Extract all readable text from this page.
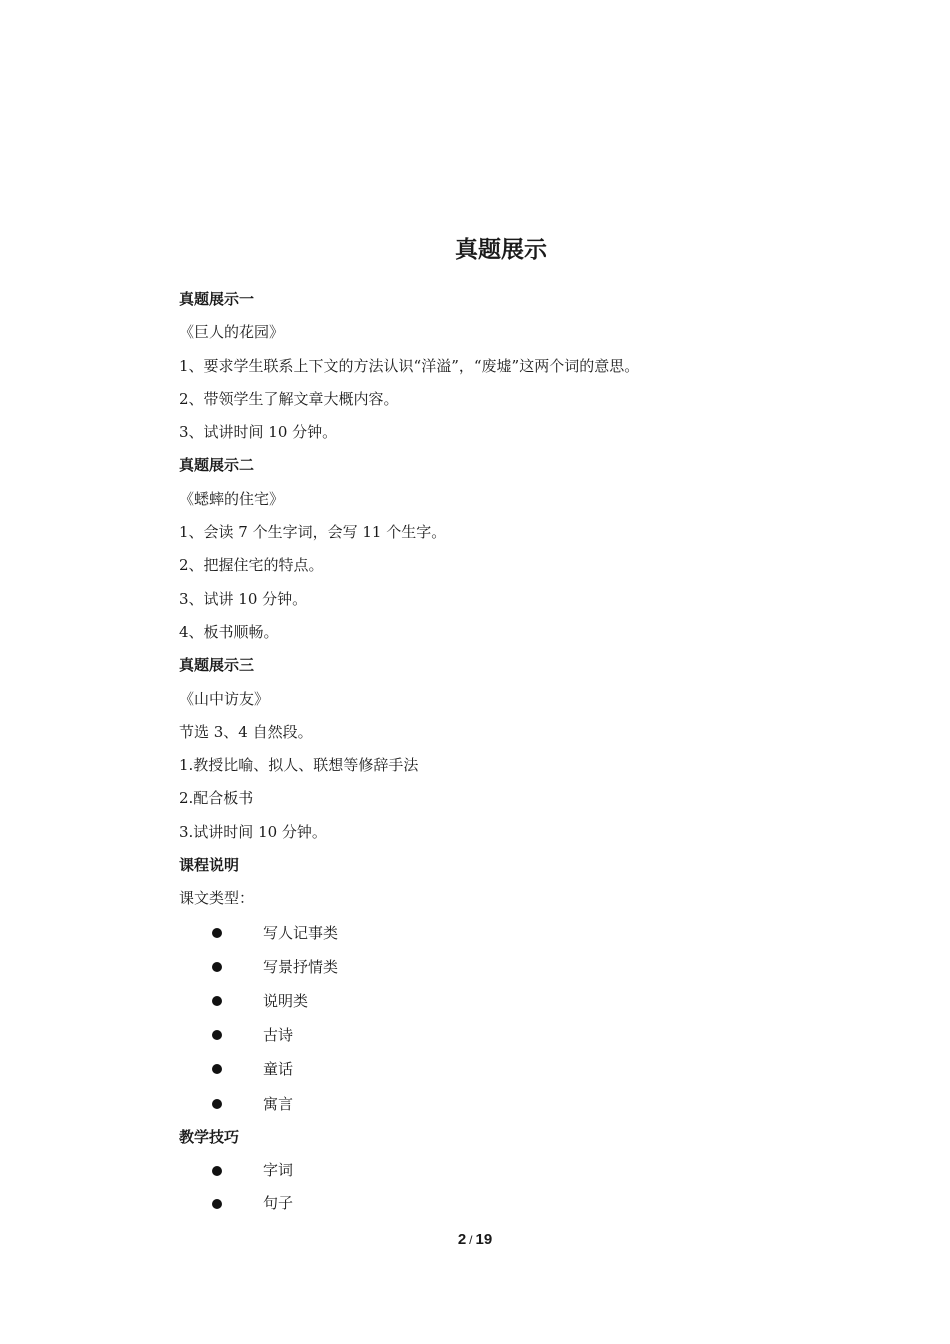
真题展示

真题展示一

《巨人的花园》

1、要求学生联系上下文的方法认识“洋溢”，“废墟”这两个词的意思。

2、带领学生了解文章大概内容。

3、试讲时间 10 分钟。

真题展示二

《蟋蟀的住宅》

1、会读 7 个生字词，会写 11 个生字。

2、把握住宅的特点。

3、试讲 10 分钟。

4、板书顺畅。

真题展示三

《山中访友》

节选 3、4 自然段。

1.教授比喻、拟人、联想等修辞手法

2.配合板书

3.试讲时间 10 分钟。

课程说明

课文类型：

写人记事类
写景抒情类
说明类
古诗
童话
寓言

教学技巧

字词
句子
2 / 19
